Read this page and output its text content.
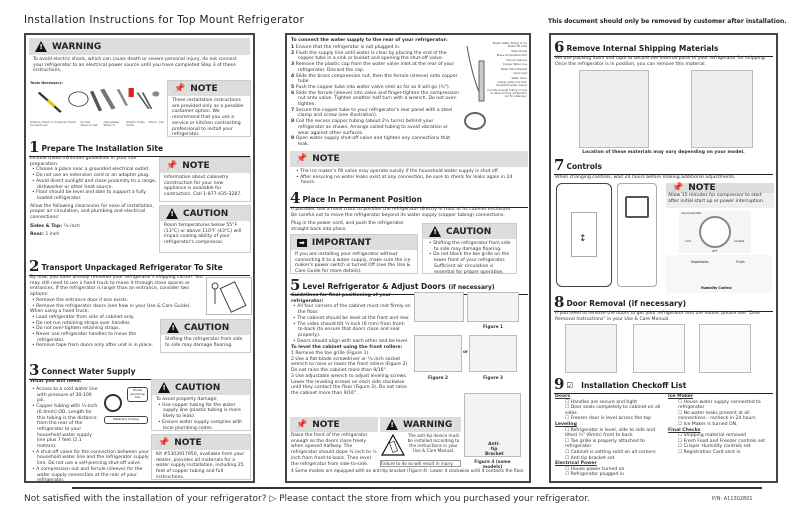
Installation Instructions for Top Mount Refrigerator	This document should only be removed by customer after installation.
!
WARNING
To avoid electric shock, which can cause death or severe personal injury, do not connect your refrigerator to an electrical power source until you have completed Step 3 of these instructions.
Tools Necessary:
Phillips Head or Quadrex Head Screwdriver
Socket Wrench Set
Adjustable Wrench
Plastic Putty Knife
Pliers Awl
📌 NOTE
These installation instructions are provided only as a possible customer option. We recommend that you use a service or kitchen contracting professional to install your refrigerator.
1 Prepare The Installation Site
Include these minimum guidelines in your site preparation:
• Choose a place near a grounded electrical outlet.
• Do not use an extension cord or an adapter plug.
• Avoid direct sunlight and close proximity to a range, dishwasher or other heat source.
• Floor should be level and able to support a fully loaded refrigerator.
Allow the following clearances for ease of installation, proper air circulation, and plumbing and electrical connections:
Sides & Top: ¹/₈ inch
Rear: 1 inch
📌 NOTE
Information about cabinetry construction for your new appliance is available for contractors. Call 1-877-435-3287.
!
CAUTION
Room temperatures below 55°F (13°C) or above 110°F (43°C) will impair cooling ability of your refrigerator's compressor.
2 Transport Unpackaged Refrigerator To Site
By now, you have already removed your refrigerator's shipping carton. You may still need to use a hand truck to move it through close spaces or entrances. If the refrigerator is larger than an entrance, consider two options:
• Remove the entrance door if one exists.
• Remove the refrigerator doors (see how in your Use & Care Guide).
When using a hand truck:
• Load refrigerator from side of cabinet only.
• Do not run retaining straps over handles.
• Do not over-tighten retaining straps.
• Never use refrigerator handles to move the refrigerator.
• Remove tape from doors only after unit is in place.
!
CAUTION
Shifting the refrigerator from side to side may damage flooring.
3 Connect Water Supply
What you will need:
• Access to a cold water line with pressure of 30-100 psi.
• Copper tubing with ¼-inch (6.4mm) OD. Length for this tubing is the distance from the rear of the refrigerator to your household water supply line plus 7 feet (2.1 meters).
• A shut-off valve for the connection between your household water line and the refrigerator supply line. Do not use a self-piercing shut-off valve.
• A compression nut and ferrule (sleeve) for the water supply connection at the rear of your refrigerator.
House plumbing line
Waterline hookup
!
CAUTION
To avoid property damage:
• Use copper tubing for the water supply line (plastic tubing is more likely to leak).
• Ensure water supply complies with local plumbing codes.
📌 NOTE
Kit #5303917950, available from your dealer, provides all materials for a water supply installation, including 25 feet of copper tubing and full instructions.
To connect the water supply to the rear of your refrigerator:
1 Ensure that the refrigerator is not plugged in.
2 Flush the supply line until water is clear by placing the end of the copper tube in a sink or bucket and opening the shut-off valve.
3 Remove the plastic cap from the water valve inlet at the rear of your refrigerator. Discard the cap.
4 Slide the brass compression nut, then the ferrule (sleeve) onto copper tube.
5 Push the copper tube into water valve inlet as far as it will go (¼").
6 Slide the ferrule (sleeve) into valve and finger-tighten the compression nut onto valve. Tighten another half turn with a wrench. Do not over-tighten.
7 Secure the copper tube to your refrigerator's rear panel with a steel clamp and screw (see illustration).
8 Coil the excess copper tubing (about 2½ turns) behind your refrigerator as shown. Arrange coiled tubing to avoid vibration or wear against other surfaces.
9 Open water supply shut-off valve and tighten any connections that leak.
Plastic Water Tubing to Ice Maker Fill Tube
Steel Clamp
Brass Compression Nut
Ferrule (Sleeve)
Copper Water Line
Water Valve Bracket
Valve Inlet
Water Valve
Copper water line from household water supply
(Include enough tubing in loop to allow moving refrigerator out for cleaning.)
📌 NOTE
• The ice maker's fill valve may operate noisily if the household water supply is shut off.
• After ensuring no water leaks exist at any connection, be sure to check for leaks again in 24 hours.
4 Place In Permanent Position
If possible, use a hand truck to position the refrigerator directly in front of its cabinet enclosure.
Be careful not to move the refrigerator beyond its water supply (copper tubing) connections.
Plug in the power cord, and push the refrigerator straight back into place.
➡ IMPORTANT
If you are installing your refrigerator without connecting it to a water supply, make sure the ice maker's power switch is turned Off (see the Use & Care Guide for more details).
!
CAUTION
• Shifting the refrigerator from side to side may damage flooring.
• Do not block the toe grille on the lower front of your refrigerator. Sufficient air circulation is essential for proper operation.
5 Level Refrigerator & Adjust Doors (if necessary)
Guidelines for final positioning of your refrigerator:
• All four corners of the cabinet must rest firmly on the floor.
• The cabinet should be level at the front and rear.
• The sides should tilt ¼-inch (6 mm) from front-to-back (to ensure that doors close and seal properly).
• Doors should align with each other and be level.
To level the cabinet using the front rollers:
1 Remove the toe grille (Figure 1).
2 Use a flat-blade screwdriver or ³/₈ inch socket wrench to raise or lower the front rollers (Figure 2). Do not raise the cabinet more than 9/16".
3 Use adjustable wrench to adjust leveling screws. Lower the leveling screws on each side clockwise until they contact the floor (Figure 3). Do not raise the cabinet more than 9/16".
Figure 1
or
Figure 2	Figure 3
📌 NOTE
Raise the front of the refrigerator enough so the doors close freely when opened halfway. The refrigerator should slope ¼ inch to ½ inch from front-to-back. Then level the refrigerator from side-to-side.
!
WARNING
The anti-tip device must be installed according to the instructions in your Use & Care Manual.
Failure to do so will result in injury.
Anti-tip Bracket
Figure 4 (some models)
4 Some models are equipped with an anti-tip bracket (Figure 4). Lower it clockwise until it contacts the floor.
6 Remove Internal Shipping Materials
We use packing foam and tape to secure the internal parts of your refrigerator for shipping. Once the refrigerator is in position, you can remove this material.
Location of these materials may vary depending on your model.
7 Controls
When changing controls, wait 24 hours before making additional adjustments.
↕
📌 NOTE
Allow 15 minutes for compressor to start after initial start up or power interruption.
recommended
coldest
cold
OFF
Vegetables	Fruits
Humidity Control
8 Door Removal (if necessary)
If you need to remove the doors to get your refrigerator into the house, please see "Door Removal Instructions" in your Use & Care Manual.
9 ☑ Installation Checkoff List
Doors
☐ Handles are secure and tight
☐ Door seals completely to cabinet on all sides
☐ Freezer door is level across the top
Leveling
☐ Refrigerator is level, side to side and tilted ¼" (6mm) front to back
☐ Toe grille is properly attached to refrigerator
☐ Cabinet is setting solid on all corners
☐ Anti tip bracket set
Electrical Power
☐ House power turned on
☐ Refrigerator plugged in
Ice Maker
☐ House water supply connected to refrigerator
☐ No water leaks present at all connections - recheck in 24 hours
☐ Ice Maker is turned ON.
Final Checks
☐ Shipping material removed
☐ Fresh Food and Freezer controls set
☐ Crisper Humidity controls set
☐ Registration Card sent in
Not satisfied with the installation of your refrigerator? ▷ Please contact the store from which you purchased your refrigerator.	P/N: A11302801
